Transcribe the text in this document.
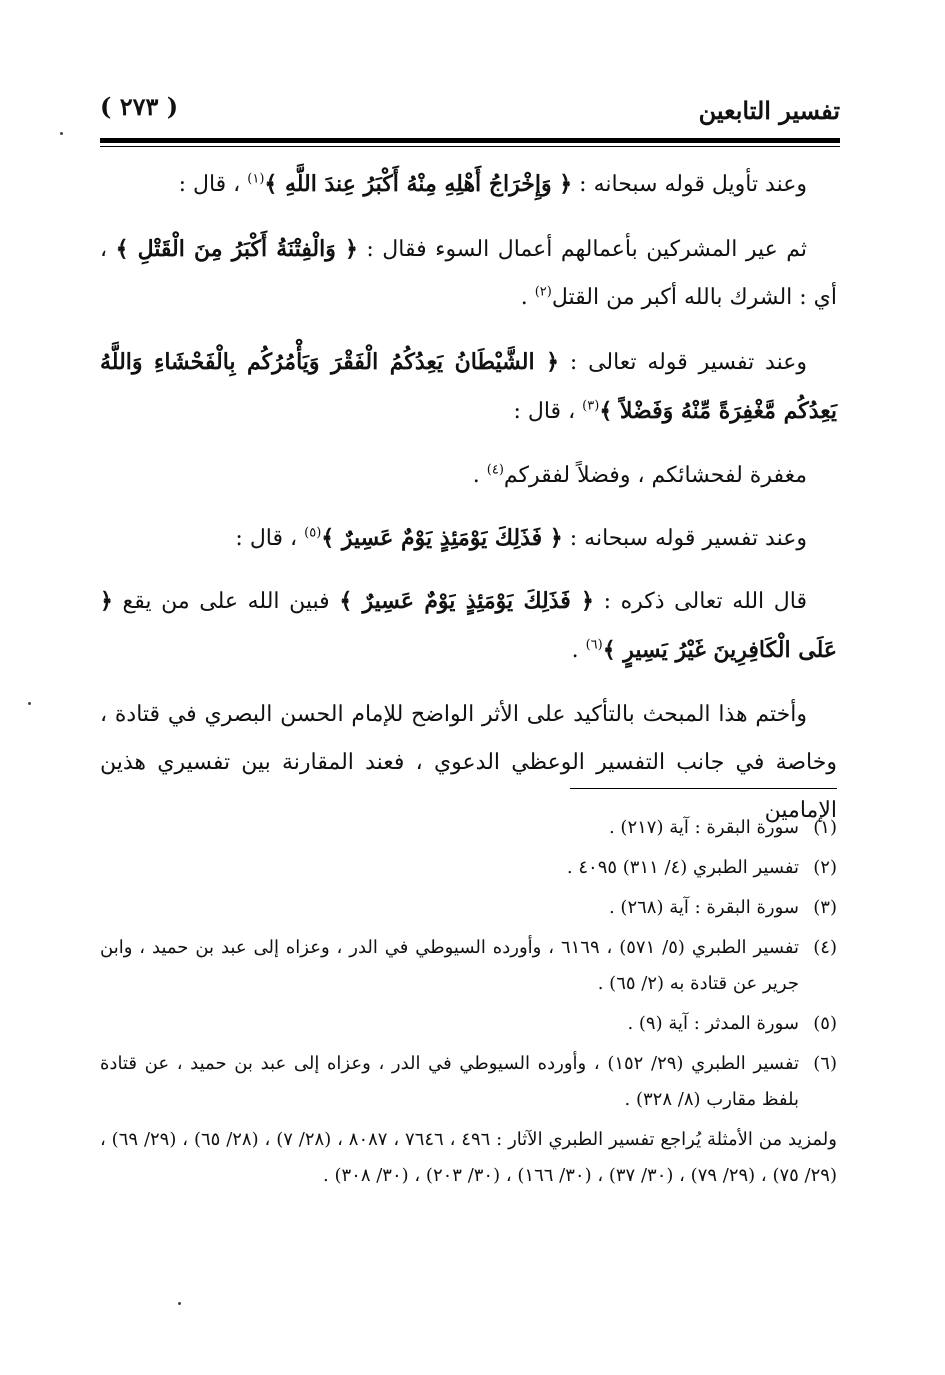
تفسير التابعين
( ٢٧٣ )

وعند تأويل قوله سبحانه : ﴿ وَإِخْرَاجُ أَهْلِهِ مِنْهُ أَكْبَرُ عِندَ اللَّهِ ﴾$^{(١)}$ ، قال :

ثم عير المشركين بأعمالهم أعمال السوء فقال : ﴿ وَالْفِتْنَةُ أَكْبَرُ مِنَ الْقَتْلِ ﴾ ، أي : الشرك بالله أكبر من القتل$^{(٢)}$ .

وعند تفسير قوله تعالى : ﴿ الشَّيْطَانُ يَعِدُكُمُ الْفَقْرَ وَيَأْمُرُكُم بِالْفَحْشَاءِ وَاللَّهُ يَعِدُكُم مَّغْفِرَةً مِّنْهُ وَفَضْلاً ﴾$^{(٣)}$ ، قال :

مغفرة لفحشائكم ، وفضلاً لفقركم$^{(٤)}$ .

وعند تفسير قوله سبحانه : ﴿ فَذَلِكَ يَوْمَئِذٍ يَوْمٌ عَسِيرٌ ﴾$^{(٥)}$ ، قال :

قال الله تعالى ذكره : ﴿ فَذَلِكَ يَوْمَئِذٍ يَوْمٌ عَسِيرٌ ﴾ فبين الله على من يقع ﴿ عَلَى الْكَافِرِينَ غَيْرُ يَسِيرٍ ﴾$^{(٦)}$ .

وأختم هذا المبحث بالتأكيد على الأثر الواضح للإمام الحسن البصري في قتادة ، وخاصة في جانب التفسير الوعظي الدعوي ، فعند المقارنة بين تفسيري هذين الإمامين

(١)
سورة البقرة : آية (٢١٧) .

(٢)
تفسير الطبري (٤/ ٣١١) ٤٠٩٥ .

(٣)
سورة البقرة : آية (٢٦٨) .

(٤)
تفسير الطبري (٥/ ٥٧١) ، ٦١٦٩ ، وأورده السيوطي في الدر ، وعزاه إلى عبد بن حميد ، وابن جرير عن قتادة به (٢/ ٦٥) .

(٥)
سورة المدثر : آية (٩) .

(٦)
تفسير الطبري (٢٩/ ١٥٢) ، وأورده السيوطي في الدر ، وعزاه إلى عبد بن حميد ، عن قتادة بلفظ مقارب (٨/ ٣٢٨) .

ولمزيد من الأمثلة يُراجع تفسير الطبري الآثار : ٤٩٦ ، ٧٦٤٦ ، ٨٠٨٧ ، (٢٨/ ٧) ، (٢٨/ ٦٥) ، (٢٩/ ٦٩) ، (٢٩/ ٧٥) ، (٢٩/ ٧٩) ، (٣٠/ ٣٧) ، (٣٠/ ١٦٦) ، (٣٠/ ٢٠٣) ، (٣٠/ ٣٠٨) .
